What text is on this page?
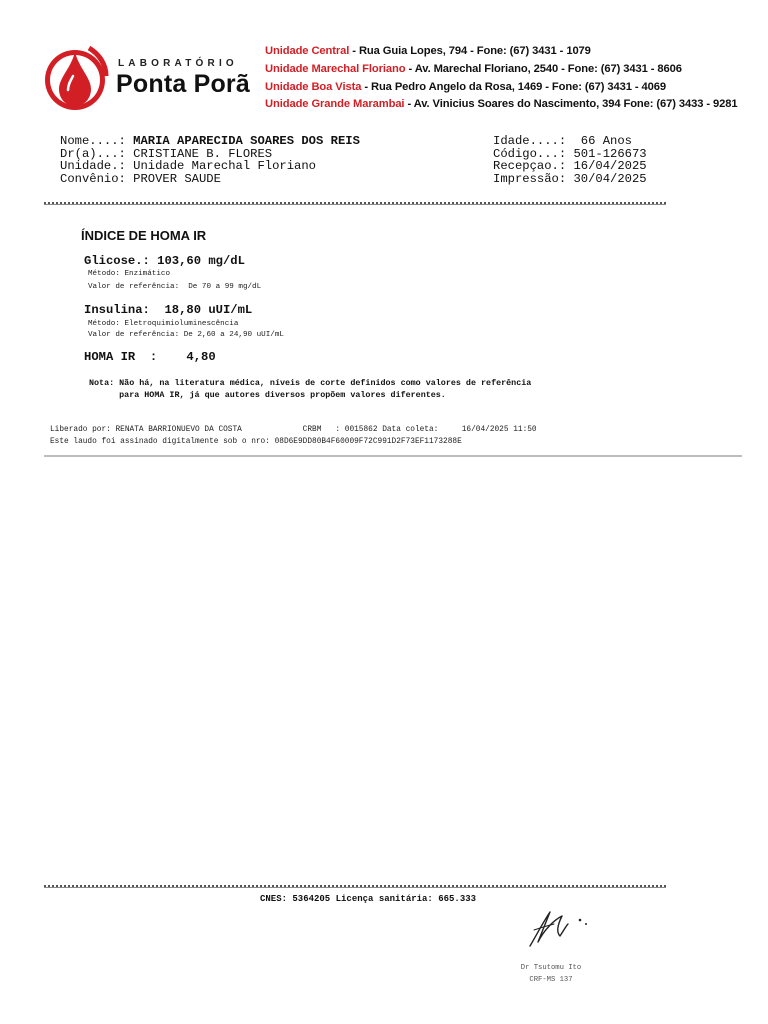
LABORATÓRIO
Ponta Porã
Unidade Central - Rua Guia Lopes, 794 - Fone: (67) 3431 - 1079
Unidade Marechal Floriano - Av. Marechal Floriano, 2540 - Fone: (67) 3431 - 8606
Unidade Boa Vista - Rua Pedro Angelo da Rosa, 1469 - Fone: (67) 3431 - 4069
Unidade Grande Marambai - Av. Vinicius Soares do Nascimento, 394 Fone: (67) 3433 - 9281
Nome....: MARIA APARECIDA SOARES DOS REIS
Dr(a)...: CRISTIANE B. FLORES
Unidade.: Unidade Marechal Floriano
Convênio: PROVER SAUDE
Idade....: 66 Anos
Código...: 501-126673
Recepçao.: 16/04/2025
Impressão: 30/04/2025
ÍNDICE DE HOMA IR
Glicose.: 103,60 mg/dL
Método: Enzimático
Valor de referência:  De 70 a 99 mg/dL
Insulina:  18,80 uUI/mL
Método: Eletroquimioluminescência
Valor de referência: De 2,60 a 24,90 uUI/mL
HOMA IR  :    4,80
Nota: Não há, na literatura médica, níveis de corte definidos como valores de referência
para HOMA IR, já que autores diversos propõem valores diferentes.
Liberado por: RENATA BARRIONUEVO DA COSTA             CRBM   : 0015862 Data coleta:     16/04/2025 11:50
Este laudo foi assinado digitalmente sob o nro: 08D6E9DD80B4F60009F72C991D2F73EF1173288E
CNES: 5364205 Licença sanitária: 665.333
Dr Tsutomu Ito
CRF-MS 137
